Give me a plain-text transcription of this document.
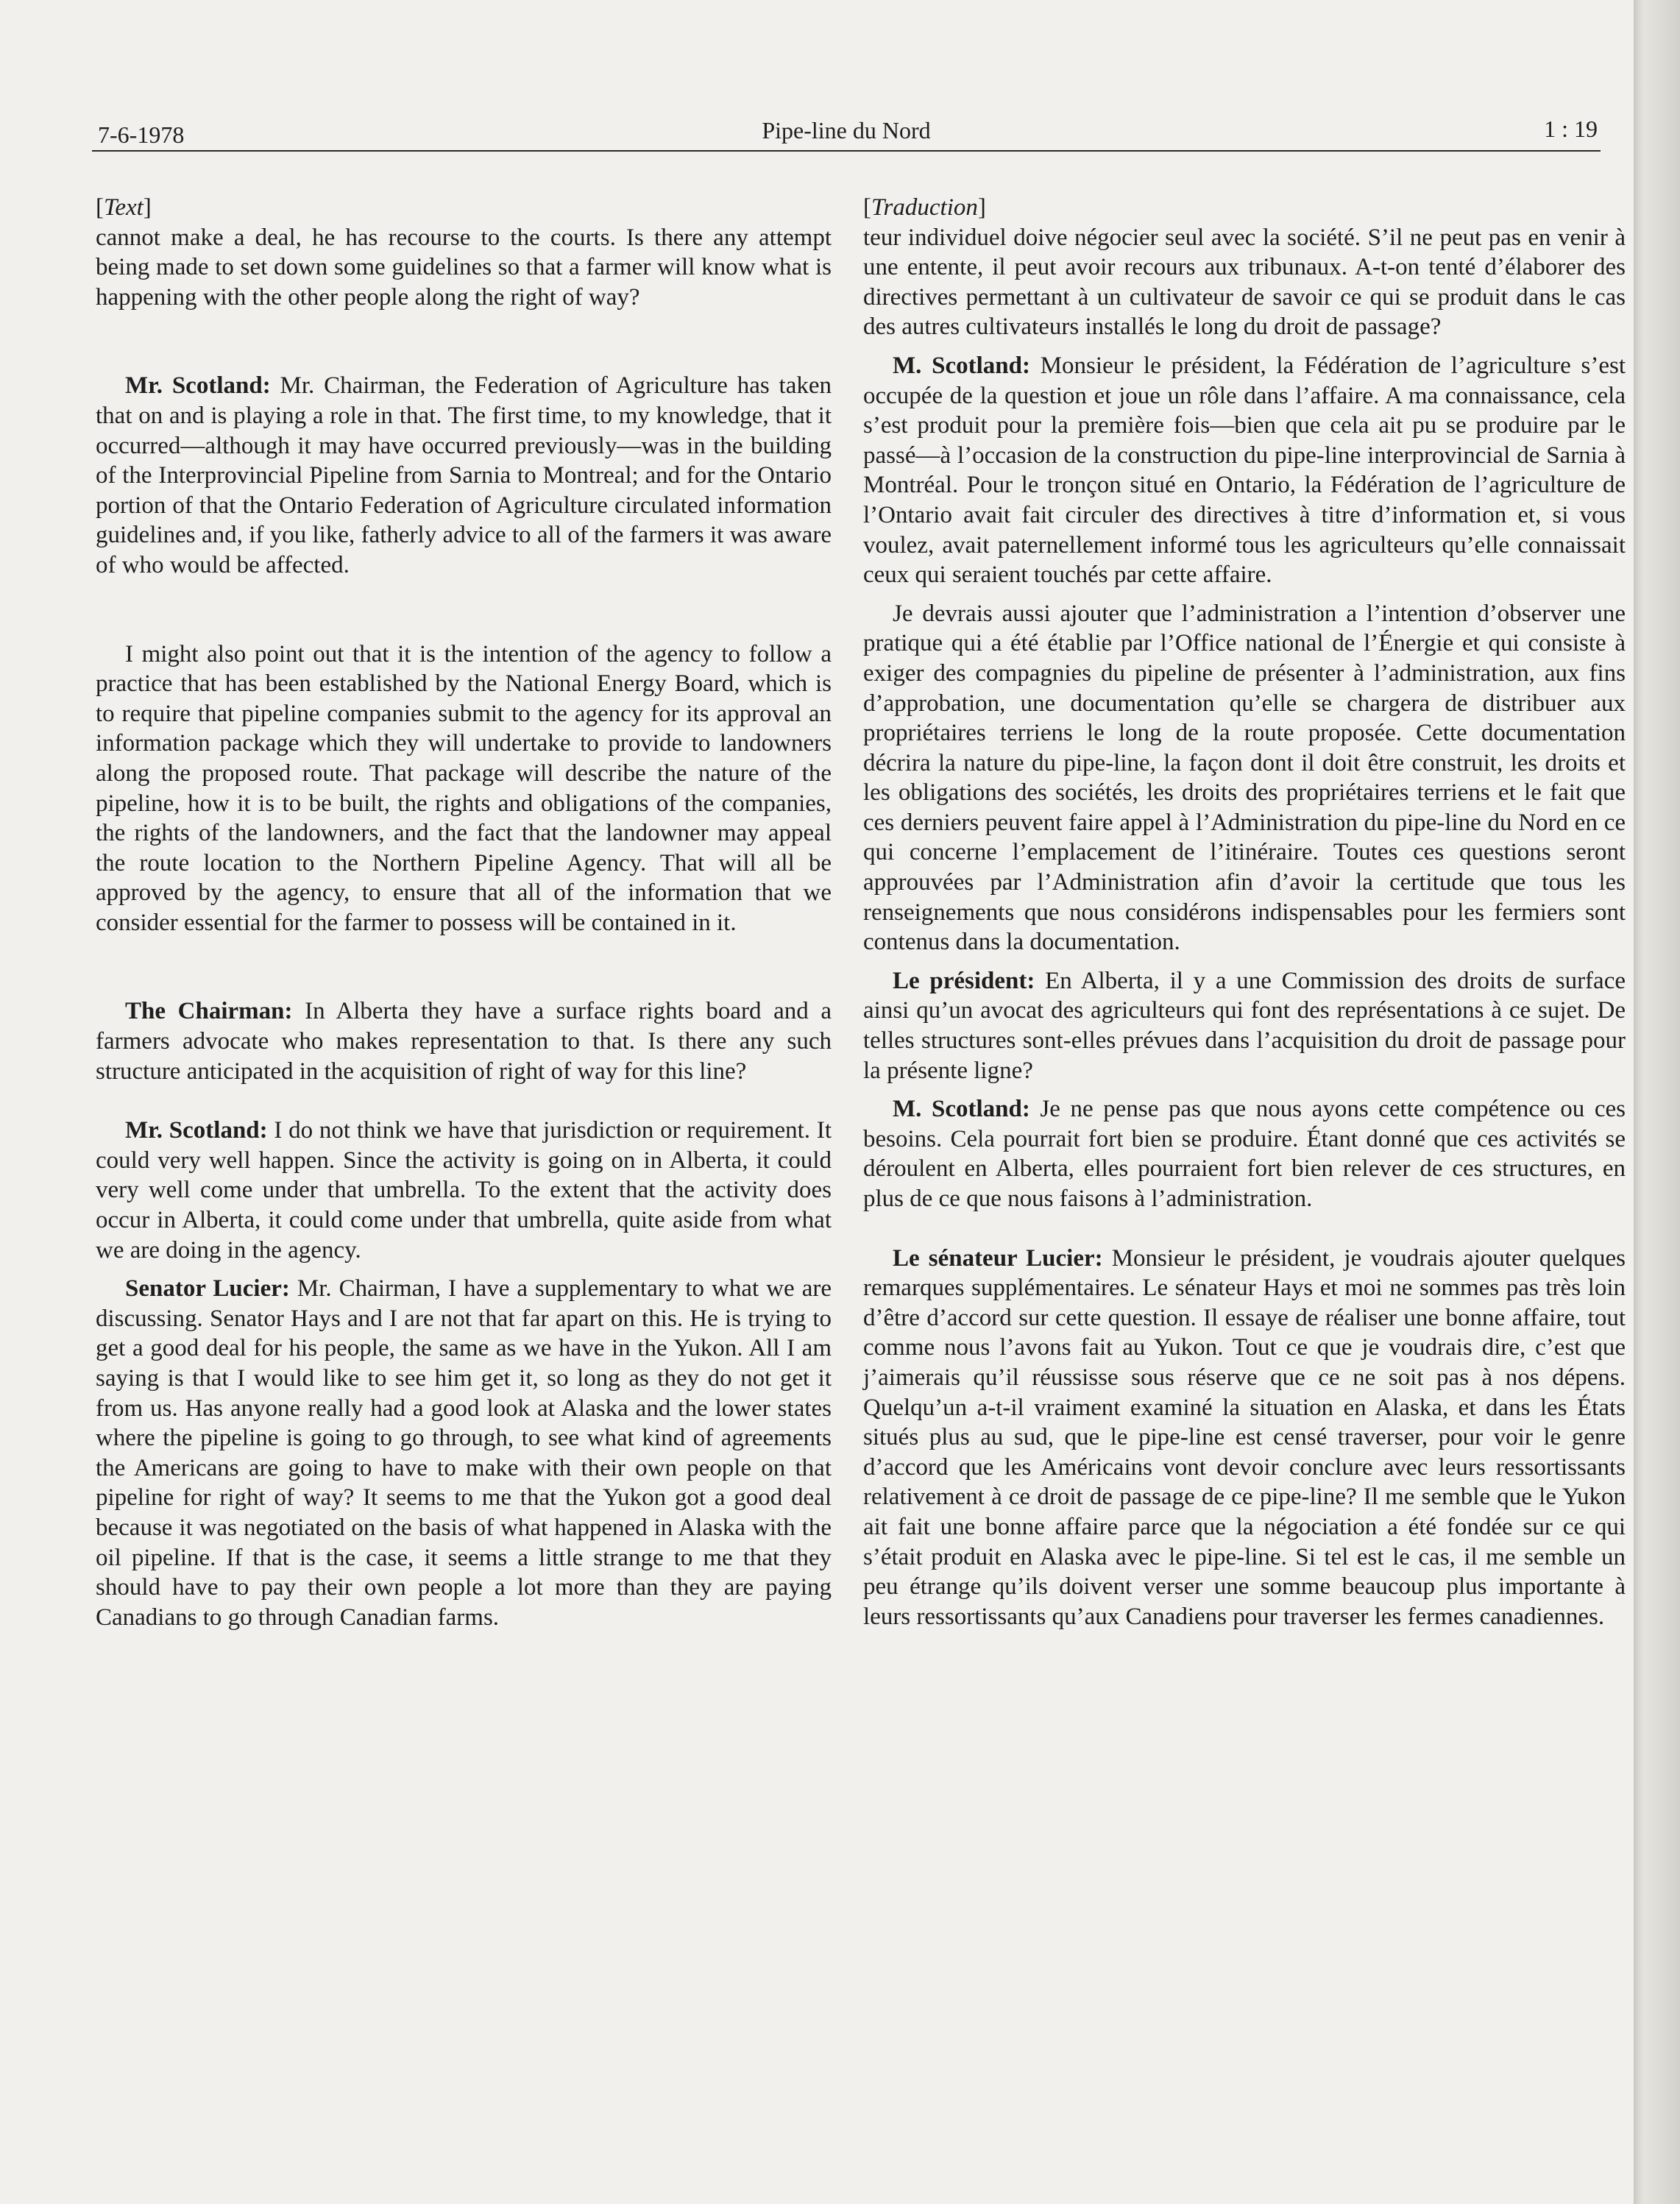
7-6-1978	Pipe-line du Nord	1 : 19

[ Text ]

cannot make a deal, he has recourse to the courts. Is there any attempt being made to set down some guidelines so that a farmer will know what is happening with the other people along the right of way?

Mr. Scotland: Mr. Chairman, the Federation of Agriculture has taken that on and is playing a role in that. The first time, to my knowledge, that it occurred—although it may have occurred previously—was in the building of the Interprovincial Pipeline from Sarnia to Montreal; and for the Ontario portion of that the Ontario Federation of Agriculture circulated information guidelines and, if you like, fatherly advice to all of the farmers it was aware of who would be affected.

I might also point out that it is the intention of the agency to follow a practice that has been established by the National Energy Board, which is to require that pipeline companies submit to the agency for its approval an information package which they will undertake to provide to landowners along the proposed route. That package will describe the nature of the pipeline, how it is to be built, the rights and obligations of the companies, the rights of the landowners, and the fact that the landowner may appeal the route location to the Northern Pipeline Agency. That will all be approved by the agency, to ensure that all of the information that we consider essential for the farmer to possess will be contained in it.

The Chairman: In Alberta they have a surface rights board and a farmers advocate who makes representation to that. Is there any such structure anticipated in the acquisition of right of way for this line?

Mr. Scotland: I do not think we have that jurisdiction or requirement. It could very well happen. Since the activity is going on in Alberta, it could very well come under that umbrella. To the extent that the activity does occur in Alberta, it could come under that umbrella, quite aside from what we are doing in the agency.

Senator Lucier: Mr. Chairman, I have a supplementary to what we are discussing. Senator Hays and I are not that far apart on this. He is trying to get a good deal for his people, the same as we have in the Yukon. All I am saying is that I would like to see him get it, so long as they do not get it from us. Has anyone really had a good look at Alaska and the lower states where the pipeline is going to go through, to see what kind of agreements the Americans are going to have to make with their own people on that pipeline for right of way? It seems to me that the Yukon got a good deal because it was negotiated on the basis of what happened in Alaska with the oil pipeline. If that is the case, it seems a little strange to me that they should have to pay their own people a lot more than they are paying Canadians to go through Canadian farms.

[ Traduction ]

teur individuel doive négocier seul avec la société. S’il ne peut pas en venir à une entente, il peut avoir recours aux tribunaux. A-t-on tenté d’élaborer des directives permettant à un cultivateur de savoir ce qui se produit dans le cas des autres cultivateurs installés le long du droit de passage?

M. Scotland: Monsieur le président, la Fédération de l’agriculture s’est occupée de la question et joue un rôle dans l’affaire. A ma connaissance, cela s’est produit pour la première fois—bien que cela ait pu se produire par le passé—à l’occasion de la construction du pipe-line interprovincial de Sarnia à Montréal. Pour le tronçon situé en Ontario, la Fédération de l’agriculture de l’Ontario avait fait circuler des directives à titre d’information et, si vous voulez, avait paternellement informé tous les agriculteurs qu’elle connaissait ceux qui seraient touchés par cette affaire.

Je devrais aussi ajouter que l’administration a l’intention d’observer une pratique qui a été établie par l’Office national de l’Énergie et qui consiste à exiger des compagnies du pipeline de présenter à l’administration, aux fins d’approbation, une documentation qu’elle se chargera de distribuer aux propriétaires terriens le long de la route proposée. Cette documentation décrira la nature du pipe-line, la façon dont il doit être construit, les droits et les obligations des sociétés, les droits des propriétaires terriens et le fait que ces derniers peuvent faire appel à l’Administration du pipe-line du Nord en ce qui concerne l’emplacement de l’itinéraire. Toutes ces questions seront approuvées par l’Administration afin d’avoir la certitude que tous les renseignements que nous considérons indispensables pour les fermiers sont contenus dans la documentation.

Le président: En Alberta, il y a une Commission des droits de surface ainsi qu’un avocat des agriculteurs qui font des représentations à ce sujet. De telles structures sont-elles prévues dans l’acquisition du droit de passage pour la présente ligne?

M. Scotland: Je ne pense pas que nous ayons cette compétence ou ces besoins. Cela pourrait fort bien se produire. Étant donné que ces activités se déroulent en Alberta, elles pourraient fort bien relever de ces structures, en plus de ce que nous faisons à l’administration.

Le sénateur Lucier: Monsieur le président, je voudrais ajouter quelques remarques supplémentaires. Le sénateur Hays et moi ne sommes pas très loin d’être d’accord sur cette question. Il essaye de réaliser une bonne affaire, tout comme nous l’avons fait au Yukon. Tout ce que je voudrais dire, c’est que j’aimerais qu’il réussisse sous réserve que ce ne soit pas à nos dépens. Quelqu’un a-t-il vraiment examiné la situation en Alaska, et dans les États situés plus au sud, que le pipe-line est censé traverser, pour voir le genre d’accord que les Américains vont devoir conclure avec leurs ressortissants relativement à ce droit de passage de ce pipe-line? Il me semble que le Yukon ait fait une bonne affaire parce que la négociation a été fondée sur ce qui s’était produit en Alaska avec le pipe-line. Si tel est le cas, il me semble un peu étrange qu’ils doivent verser une somme beaucoup plus importante à leurs ressortissants qu’aux Canadiens pour traverser les fermes canadiennes.
